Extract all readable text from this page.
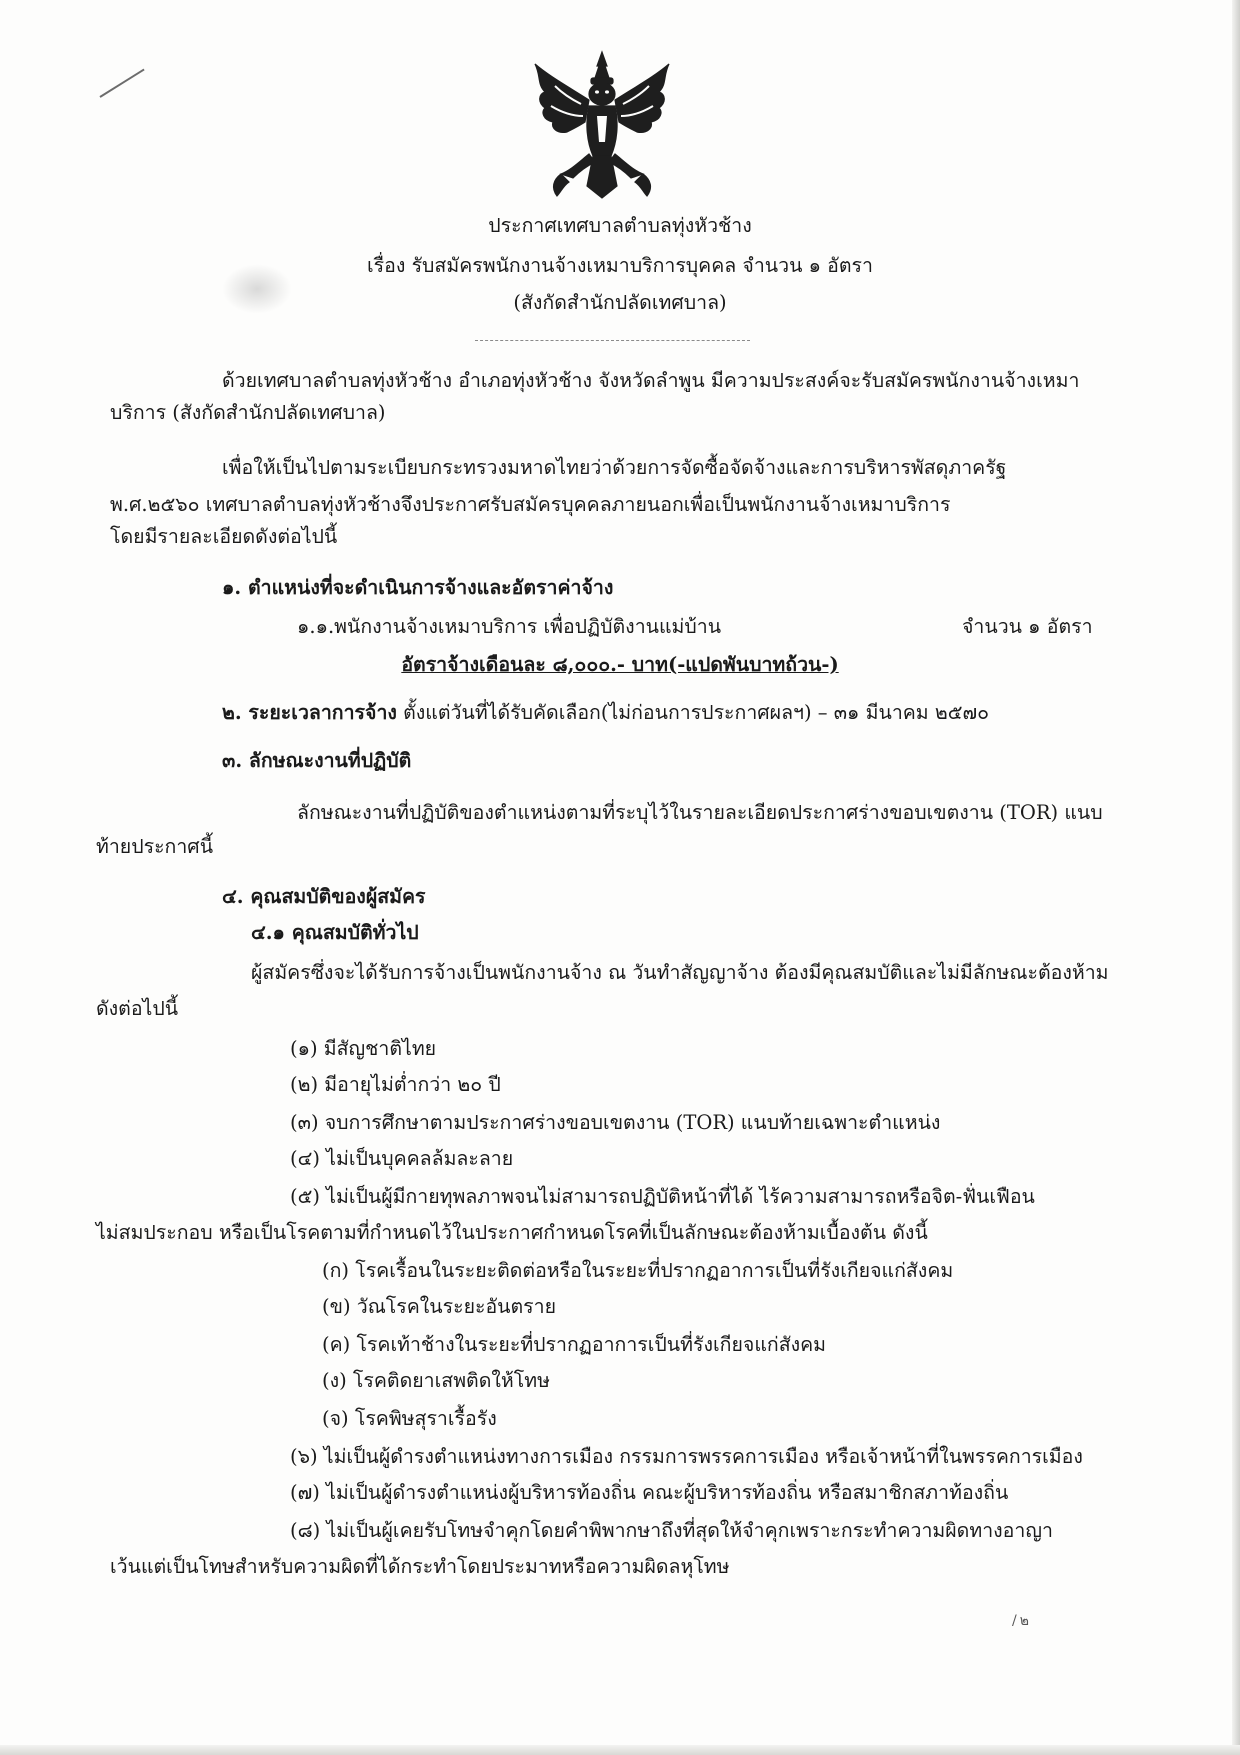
ประกาศเทศบาลตำบลทุ่งหัวช้าง
เรื่อง รับสมัครพนักงานจ้างเหมาบริการบุคคล จำนวน ๑ อัตรา
(สังกัดสำนักปลัดเทศบาล)
ด้วยเทศบาลตำบลทุ่งหัวช้าง อำเภอทุ่งหัวช้าง จังหวัดลำพูน มีความประสงค์จะรับสมัครพนักงานจ้างเหมา
บริการ (สังกัดสำนักปลัดเทศบาล)
เพื่อให้เป็นไปตามระเบียบกระทรวงมหาดไทยว่าด้วยการจัดซื้อจัดจ้างและการบริหารพัสดุภาครัฐ
พ.ศ.๒๕๖๐ เทศบาลตำบลทุ่งหัวช้างจึงประกาศรับสมัครบุคคลภายนอกเพื่อเป็นพนักงานจ้างเหมาบริการ
โดยมีรายละเอียดดังต่อไปนี้
๑. ตำแหน่งที่จะดำเนินการจ้างและอัตราค่าจ้าง
๑.๑.พนักงานจ้างเหมาบริการ เพื่อปฏิบัติงานแม่บ้าน	จำนวน ๑ อัตรา
อัตราจ้างเดือนละ ๘,๐๐๐.- บาท(-แปดพันบาทถ้วน-)
๒. ระยะเวลาการจ้าง ตั้งแต่วันที่ได้รับคัดเลือก(ไม่ก่อนการประกาศผลฯ) – ๓๑ มีนาคม ๒๕๗๐
๓. ลักษณะงานที่ปฏิบัติ
ลักษณะงานที่ปฏิบัติของตำแหน่งตามที่ระบุไว้ในรายละเอียดประกาศร่างขอบเขตงาน (TOR) แนบ
ท้ายประกาศนี้
๔. คุณสมบัติของผู้สมัคร
๔.๑ คุณสมบัติทั่วไป
ผู้สมัครซึ่งจะได้รับการจ้างเป็นพนักงานจ้าง ณ วันทำสัญญาจ้าง ต้องมีคุณสมบัติและไม่มีลักษณะต้องห้าม
ดังต่อไปนี้
(๑) มีสัญชาติไทย
(๒) มีอายุไม่ต่ำกว่า ๒๐ ปี
(๓) จบการศึกษาตามประกาศร่างขอบเขตงาน (TOR) แนบท้ายเฉพาะตำแหน่ง
(๔) ไม่เป็นบุคคลล้มละลาย
(๕) ไม่เป็นผู้มีกายทุพลภาพจนไม่สามารถปฏิบัติหน้าที่ได้ ไร้ความสามารถหรือจิต-ฟั่นเฟือน
ไม่สมประกอบ หรือเป็นโรคตามที่กำหนดไว้ในประกาศกำหนดโรคที่เป็นลักษณะต้องห้ามเบื้องต้น ดังนี้
(ก) โรคเรื้อนในระยะติดต่อหรือในระยะที่ปรากฏอาการเป็นที่รังเกียจแก่สังคม
(ข) วัณโรคในระยะอันตราย
(ค) โรคเท้าช้างในระยะที่ปรากฏอาการเป็นที่รังเกียจแก่สังคม
(ง) โรคติดยาเสพติดให้โทษ
(จ) โรคพิษสุราเรื้อรัง
(๖) ไม่เป็นผู้ดำรงตำแหน่งทางการเมือง กรรมการพรรคการเมือง หรือเจ้าหน้าที่ในพรรคการเมือง
(๗) ไม่เป็นผู้ดำรงตำแหน่งผู้บริหารท้องถิ่น คณะผู้บริหารท้องถิ่น หรือสมาชิกสภาท้องถิ่น
(๘) ไม่เป็นผู้เคยรับโทษจำคุกโดยคำพิพากษาถึงที่สุดให้จำคุกเพราะกระทำความผิดทางอาญา
เว้นแต่เป็นโทษสำหรับความผิดที่ได้กระทำโดยประมาทหรือความผิดลหุโทษ
/๒
